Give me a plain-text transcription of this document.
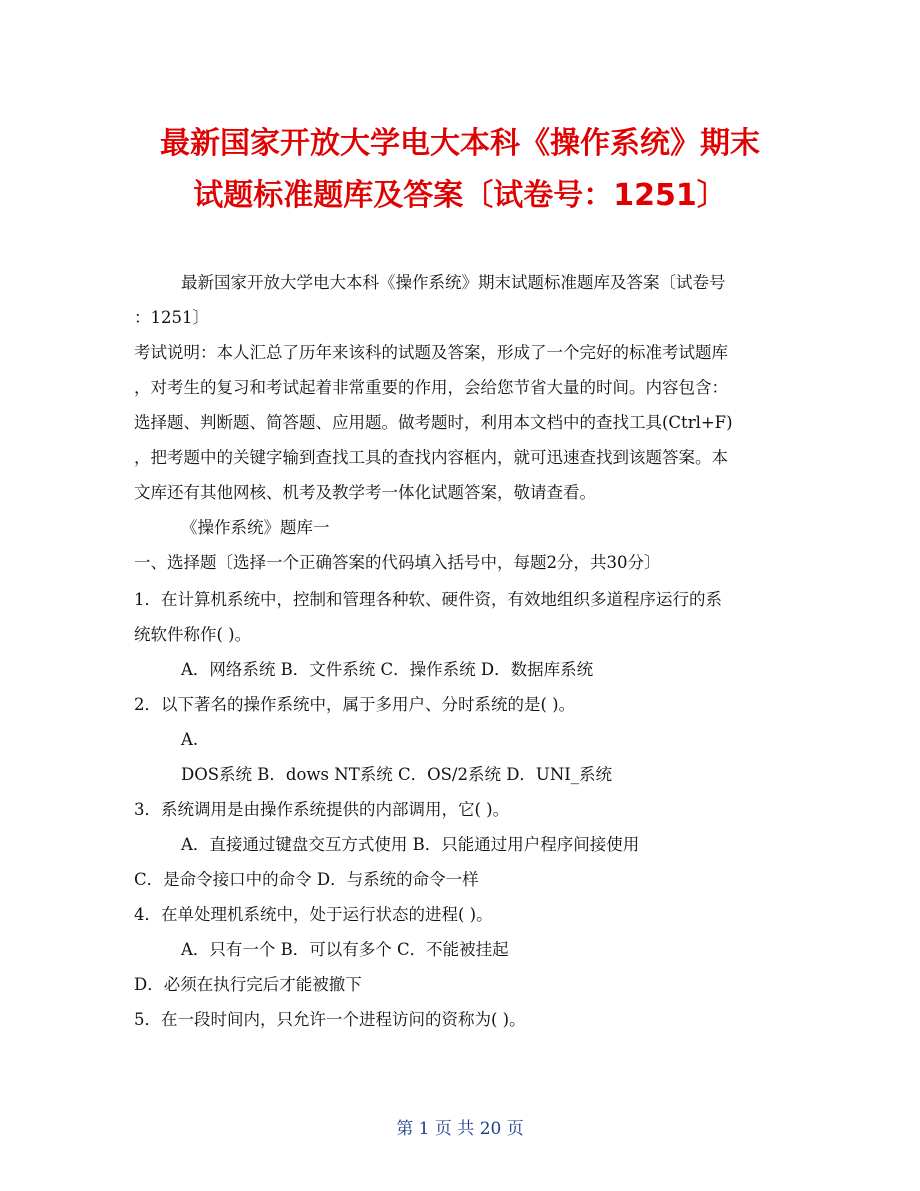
最新国家开放大学电大本科《操作系统》期末
试题标准题库及答案〔试卷号：1251〕
最新国家开放大学电大本科《操作系统》期末试题标准题库及答案〔试卷号
：1251〕
考试说明：本人汇总了历年来该科的试题及答案，形成了一个完好的标准考试题库
，对考生的复习和考试起着非常重要的作用，会给您节省大量的时间。内容包含：
选择题、判断题、简答题、应用题。做考题时，利用本文档中的查找工具(Ctrl+F)
，把考题中的关键字输到查找工具的查找内容框内，就可迅速查找到该题答案。本
文库还有其他网核、机考及教学考一体化试题答案，敬请查看。
《操作系统》题库一
一、选择题〔选择一个正确答案的代码填入括号中，每题2分，共30分〕
1．在计算机系统中，控制和管理各种软、硬件资，有效地组织多道程序运行的系
统软件称作( )。
A．网络系统 B．文件系统 C．操作系统 D．数据库系统
2．以下著名的操作系统中，属于多用户、分时系统的是( )。
A.
DOS系统 B．dows NT系统 C．OS/2系统 D．UNI_系统
3．系统调用是由操作系统提供的内部调用，它( )。
A．直接通过键盘交互方式使用 B．只能通过用户程序间接使用
C．是命令接口中的命令 D．与系统的命令一样
4．在单处理机系统中，处于运行状态的进程( )。
A．只有一个 B．可以有多个 C．不能被挂起
D．必须在执行完后才能被撤下
5．在一段时间内，只允许一个进程访问的资称为( )。
第 1 页 共 20 页
